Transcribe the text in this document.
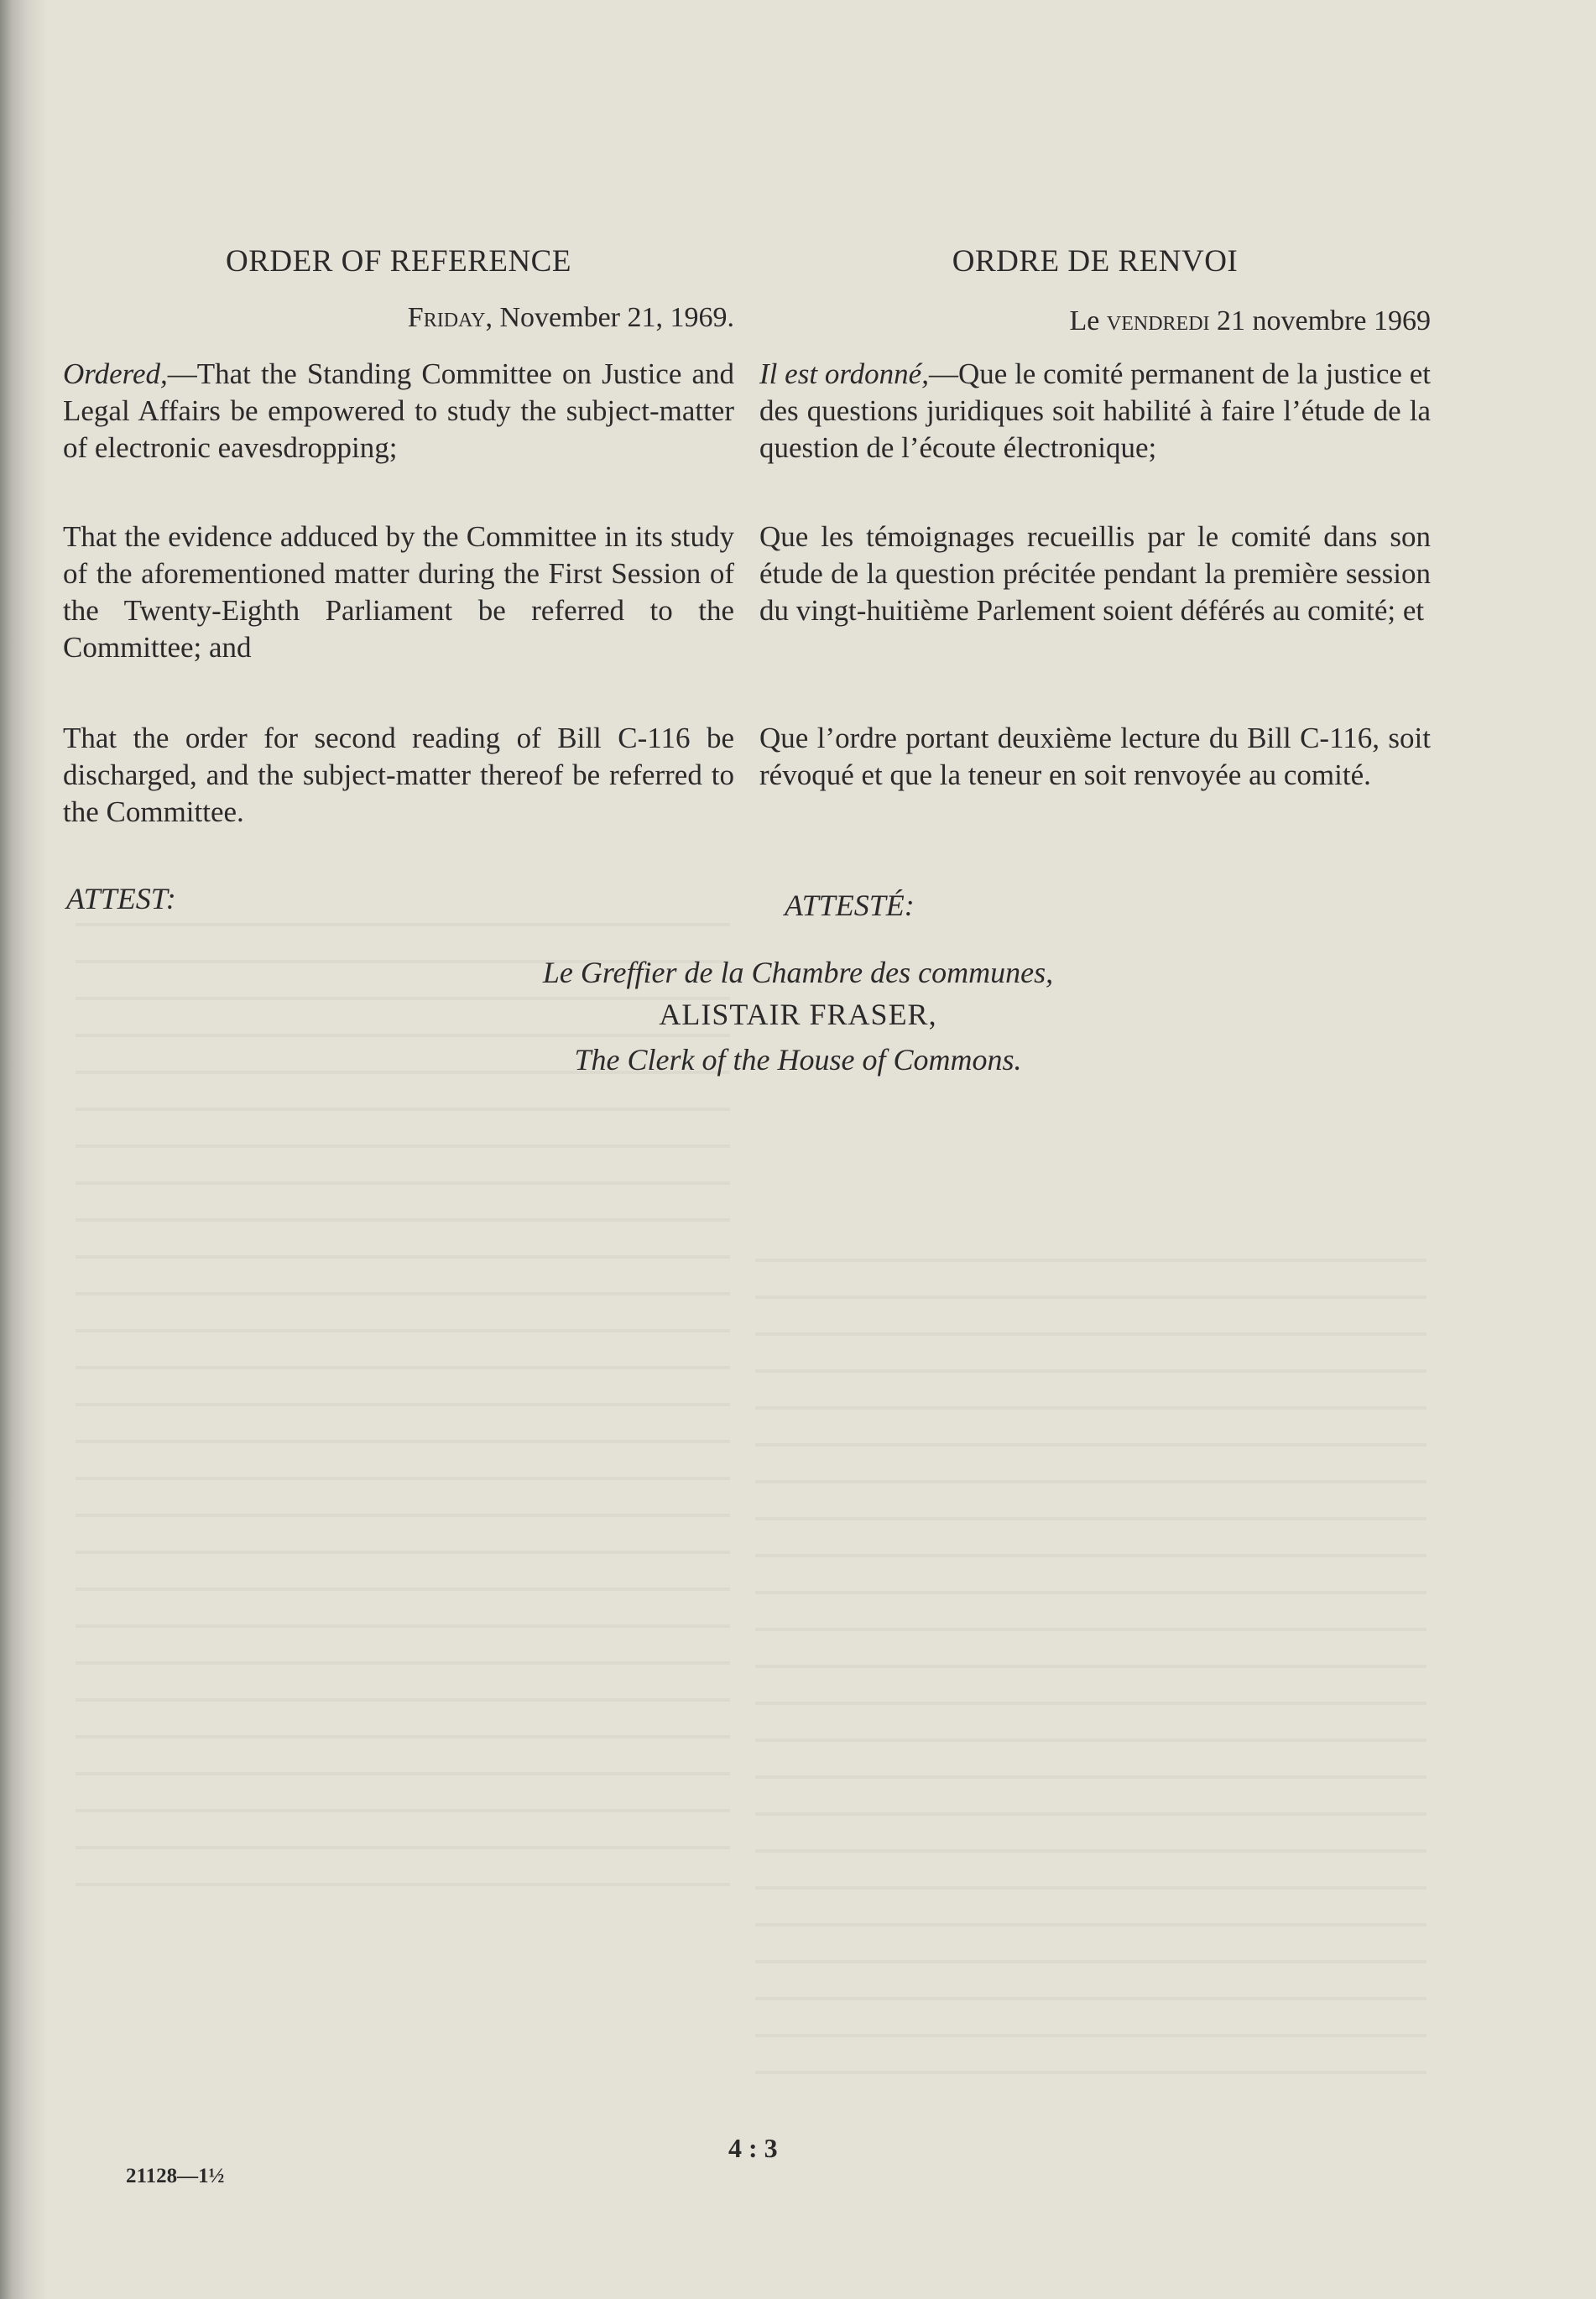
ORDER OF REFERENCE
Friday, November 21, 1969.
Ordered,—That the Standing Committee on Justice and Legal Affairs be empowered to study the subject-matter of electronic eavesdropping;
That the evidence adduced by the Committee in its study of the aforementioned matter during the First Session of the Twenty-Eighth Parliament be referred to the Committee; and
That the order for second reading of Bill C-116 be discharged, and the subject-matter thereof be referred to the Committee.
ATTEST:
ORDRE DE RENVOI
Le vendredi 21 novembre 1969
Il est ordonné,—Que le comité permanent de la justice et des questions juridiques soit habilité à faire l’étude de la question de l’écoute électronique;
Que les témoignages recueillis par le comité dans son étude de la question précitée pendant la première session du vingt-huitième Parlement soient déférés au comité; et
Que l’ordre portant deuxième lecture du Bill C-116, soit révoqué et que la teneur en soit renvoyée au comité.
ATTESTÉ:
Le Greffier de la Chambre des communes,
ALISTAIR FRASER,
The Clerk of the House of Commons.
4 : 3
21128—1½
